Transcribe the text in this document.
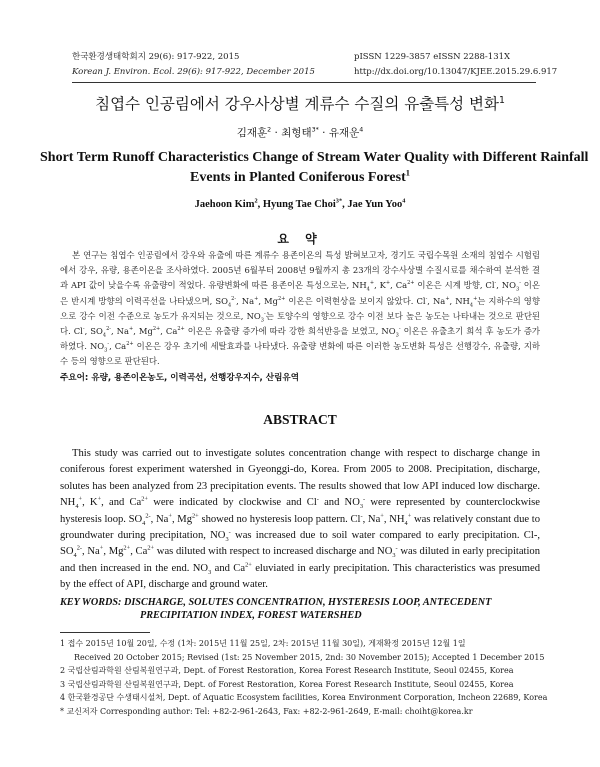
한국환경생태학회지 29(6): 917-922, 2015
Korean J. Environ. Ecol. 29(6): 917-922, December 2015
pISSN 1229-3857 eISSN 2288-131X
http://dx.doi.org/10.13047/KJEE.2015.29.6.917
침엽수 인공림에서 강우사상별 계류수 수질의 유출특성 변화$^1$
김재훈$^2$ · 최형태$^{3*}$ · 유재운$^4$
Short Term Runoff Characteristics Change of Stream Water Quality with Different Rainfall
Events in Planted Coniferous Forest$^1$
Jaehoon Kim$^2$, Hyung Tae Choi$^{3*}$, Jae Yun Yoo$^4$
요 약

본 연구는 침엽수 인공림에서 강우와 유출에 따른 계류수 용존이온의 특성 밝혀보고자, 경기도 국립수목원 소재의 침엽수 시험림에서 강우, 유량, 용존이온을 조사하였다. 2005년 6월부터 2008년 9월까지 총 23개의 강수사상별 수질시료를 채수하여 분석한 결과 API 값이 낮을수록 유출량이 적었다. 유량변화에 따른 용존이온 특성으로는, $NH_4^+$, K+, $Ca^{2+}$ 이온은 시계 방향, Cl-, $NO_3^-$ 이온은 반시계 방향의 이력곡선을 나타냈으며, $SO_4^{2-}$, Na+, $Mg^{2+}$ 이온은 이력현상을 보이지 않았다. Cl-, Na+, $NH_4^+$는 지하수의 영향으로 강수 이전 수준으로 농도가 유지되는 것으로, $NO_3^-$는 토양수의 영향으로 강수 이전 보다 높은 농도는 나타내는 것으로 판단된다. Cl-, $SO_4^{2-}$, Na+, $Mg^{2+}$, $Ca^{2+}$ 이온은 유출량 증가에 따라 강한 희석반응을 보였고, $NO_3^-$ 이온은 유출초기 희석 후 농도가 증가하였다. $NO_3^-$, $Ca^{2+}$ 이온은 강우 초기에 세탈효과를 나타냈다. 유출량 변화에 따른 이러한 농도변화 특성은 선행강수, 유출량, 지하수 등의 영향으로 판단된다.

주요어: 유량, 용존이온농도, 이력곡선, 선행강우지수, 산림유역
ABSTRACT

This study was carried out to investigate solutes concentration change with respect to discharge change in coniferous forest experiment watershed in Gyeonggi-do, Korea. From 2005 to 2008. Precipitation, discharge, solutes has been analyzed from 23 precipitation events. The results showed that low API induced low discharge. $NH_4^+$, K+, and $Ca^{2+}$ were indicated by clockwise and Cl- and $NO_3^-$ were represented by counterclockwise hysteresis loop. $SO_4^{2-}$, Na+, $Mg^{2+}$ showed no hysteresis loop pattern. Cl-, Na+, $NH_4^+$ was relatively constant due to groundwater during precipitation, $NO_3^-$ was increased due to soil water compared to early precipitation. Cl-, $SO_4^{2-}$, Na+, $Mg^{2+}$, $Ca^{2+}$ was diluted with respect to increased discharge and $NO_3^-$ was diluted in early precipitation and then increased in the end. $NO_3$ and $Ca^{2+}$ eluviated in early precipitation. This characteristics was presumed by the effect of API, discharge and ground water.

KEY WORDS: DISCHARGE, SOLUTES CONCENTRATION, HYSTERESIS LOOP, ANTECEDENT
PRECIPITATION INDEX, FOREST WATERSHED
1 접수 2015년 10월 20일, 수정 (1차: 2015년 11월 25일, 2차: 2015년 11월 30일), 게재확정 2015년 12월 1일
Received 20 October 2015; Revised (1st: 25 November 2015, 2nd: 30 November 2015); Accepted 1 December 2015
2 국립산림과학원 산림복원연구과, Dept. of Forest Restoration, Korea Forest Research Institute, Seoul 02455, Korea
3 국립산림과학원 산림복원연구과, Dept. of Forest Restoration, Korea Forest Research Institute, Seoul 02455, Korea
4 한국환경공단 수생태시설처, Dept. of Aquatic Ecosystem facilities, Korea Environment Corporation, Incheon 22689, Korea
* 교신저자 Corresponding author: Tel: +82-2-961-2643, Fax: +82-2-961-2649, E-mail: choiht@korea.kr
